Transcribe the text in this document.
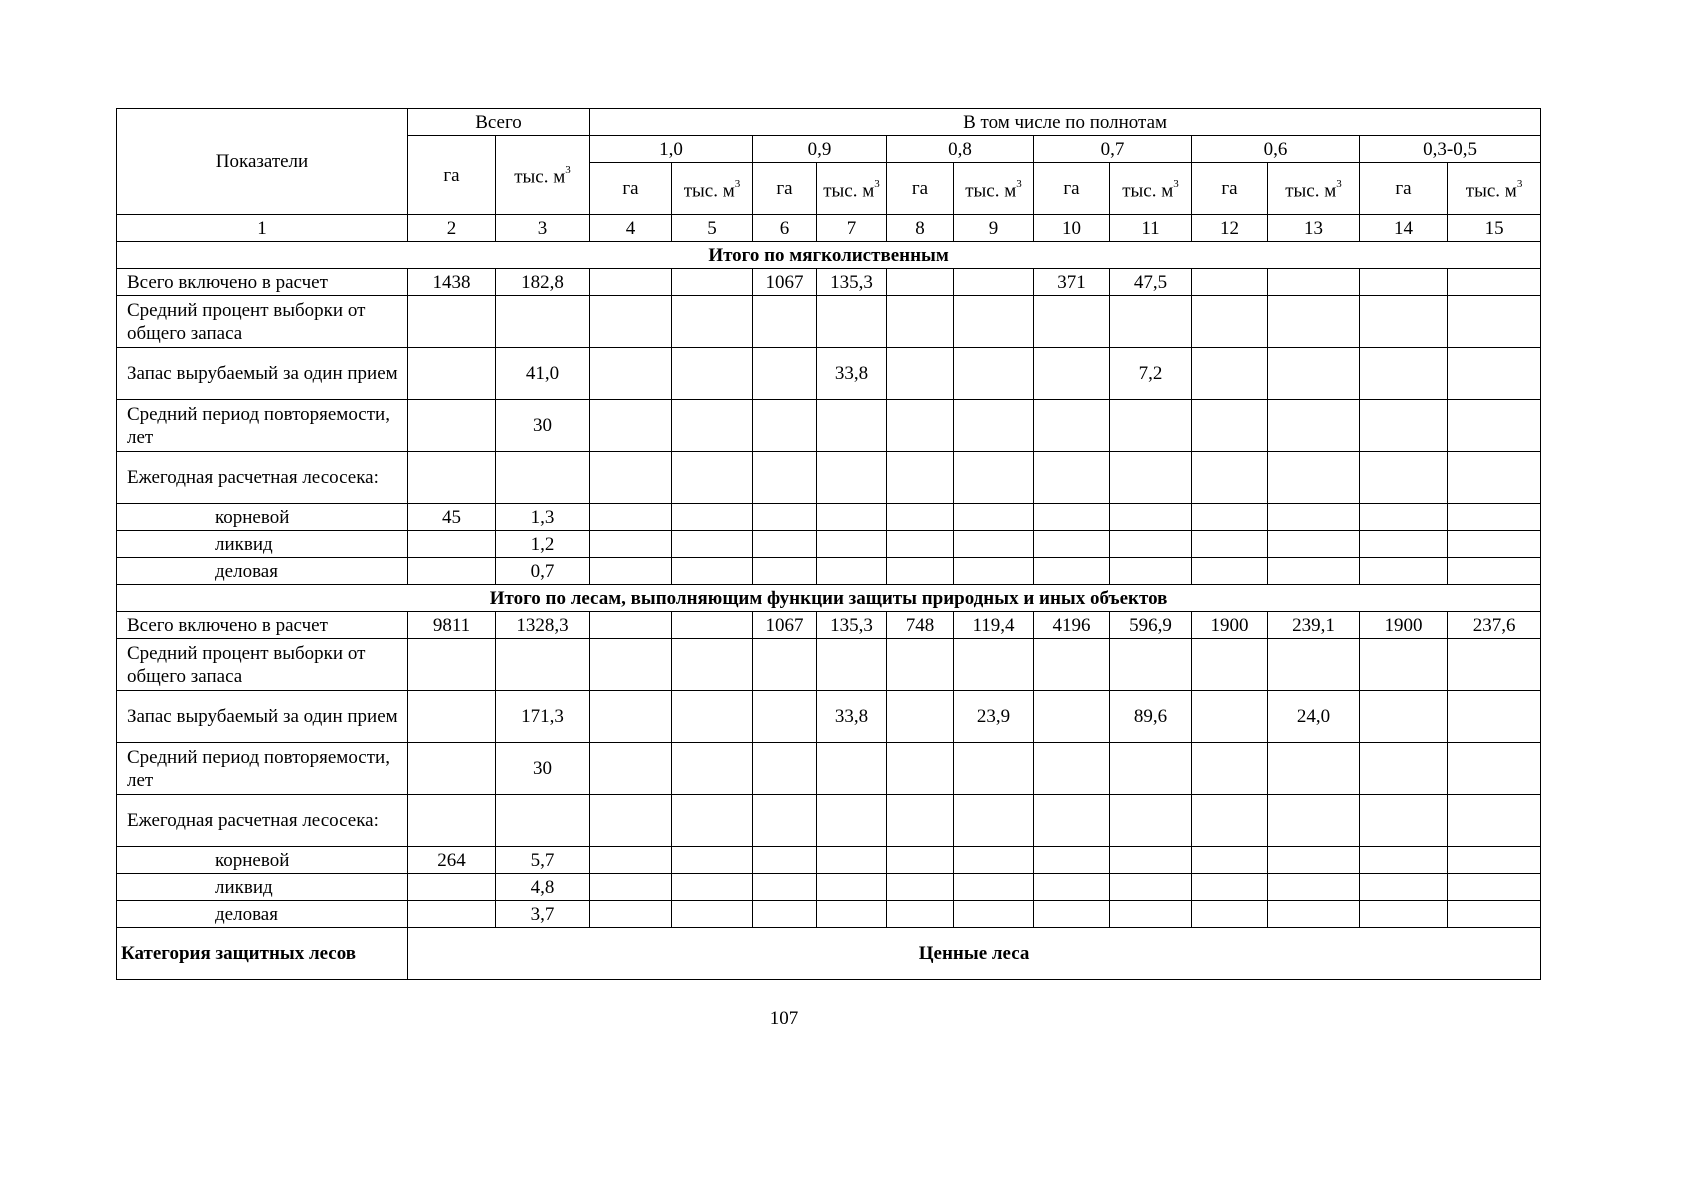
Показатели	Всего		В том числе по полнотам											
	га	тыс. $м^3$	1,0		0,9		0,8		0,7		0,6		0,3-0,5	
			га	тыс. $м^3$	га	тыс. $м^3$	га	тыс. $м^3$	га	тыс. $м^3$	га	тыс. $м^3$	га	тыс. $м^3$
1	2	3	4	5	6	7	8	9	10	11	12	13	14	15
Итого по мягколиственным														
Всего включено в расчет	1438	182,8			1067	135,3			371	47,5				
Средний процент выборки от общего запаса														
Запас вырубаемый за один прием		41,0				33,8				7,2				
Средний период повторяемости, лет		30												
Ежегодная расчетная лесосека:														
корневой	45	1,3												
ликвид		1,2												
деловая		0,7												
Итого по лесам, выполняющим функции защиты природных и иных объектов														
Всего включено в расчет	9811	1328,3			1067	135,3	748	119,4	4196	596,9	1900	239,1	1900	237,6
Средний процент выборки от общего запаса														
Запас вырубаемый за один прием		171,3				33,8		23,9		89,6		24,0		
Средний период повторяемости, лет		30												
Ежегодная расчетная лесосека:														
корневой	264	5,7												
ликвид		4,8												
деловая		3,7												
Категория защитных лесов	Ценные леса													
107
